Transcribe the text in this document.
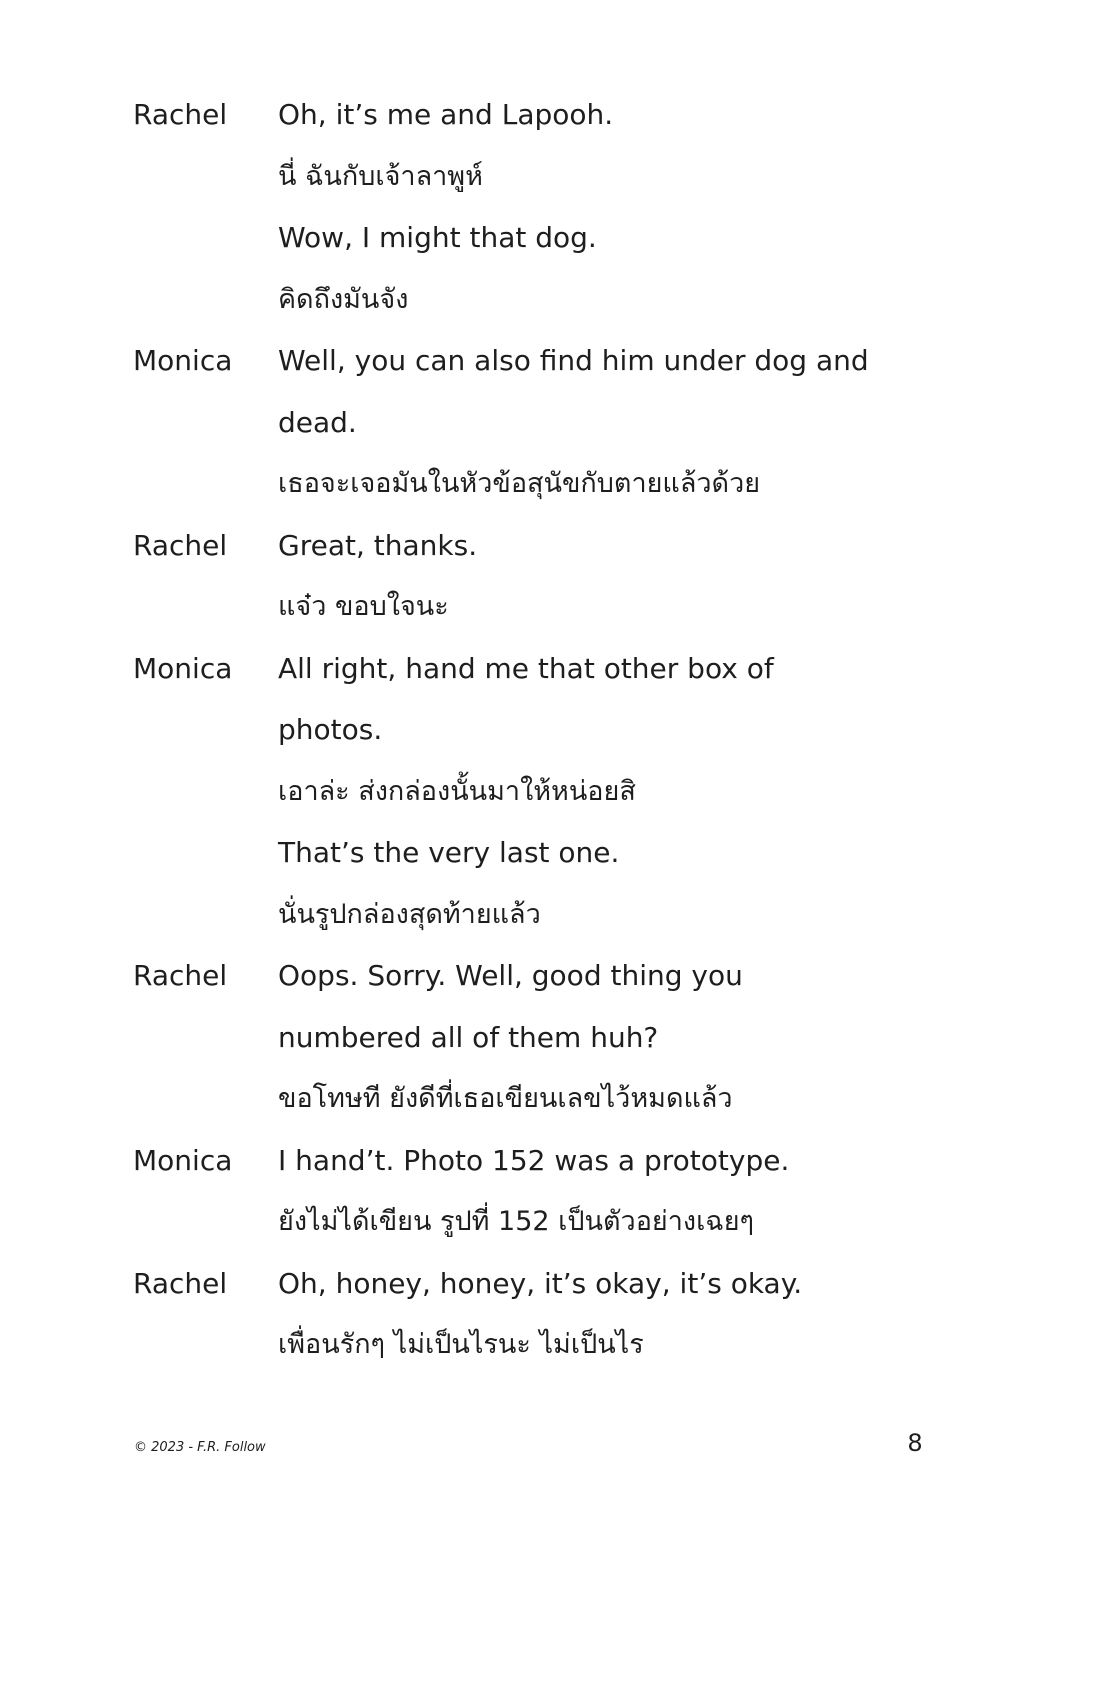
Rachel	Oh, it’s me and Lapooh.
นี่ ฉันกับเจ้าลาพูห์
Wow, I might that dog.
คิดถึงมันจัง
Monica	Well, you can also find him under dog and
dead.
เธอจะเจอมันในหัวข้อสุนัขกับตายแล้วด้วย
Rachel	Great, thanks.
แจ๋ว ขอบใจนะ
Monica	All right, hand me that other box of
photos.
เอาล่ะ ส่งกล่องนั้นมาให้หน่อยสิ
That’s the very last one.
นั่นรูปกล่องสุดท้ายแล้ว
Rachel	Oops. Sorry. Well, good thing you
numbered all of them huh?
ขอโทษที ยังดีที่เธอเขียนเลขไว้หมดแล้ว
Monica	I hand’t. Photo 152 was a prototype.
ยังไม่ได้เขียน รูปที่ 152 เป็นตัวอย่างเฉยๆ
Rachel	Oh, honey, honey, it’s okay, it’s okay.
เพื่อนรักๆ ไม่เป็นไรนะ ไม่เป็นไร
© 2023 - F.R. Follow	8
